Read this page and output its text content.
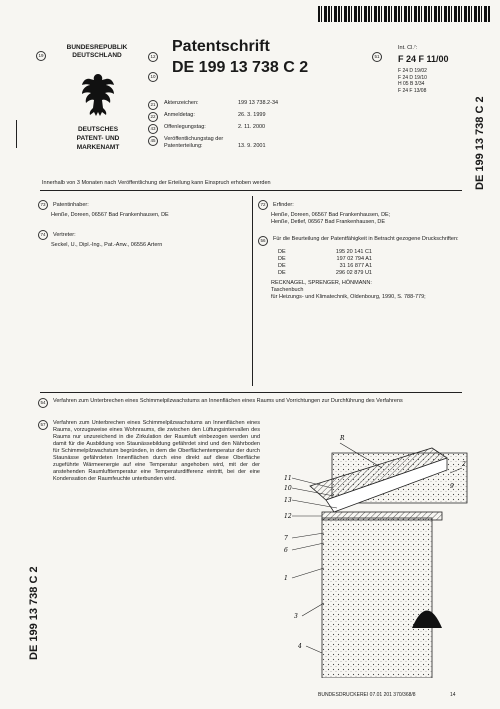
19
BUNDESREPUBLIK
DEUTSCHLAND
DEUTSCHES
PATENT- UND
MARKENAMT
12
Patentschrift
10
DE 199 13 738 C 2
51
Int. Cl.⁷:
F 24 F 11/00
F 24 D 19/02
F 24 D 19/10
H 05 B 3/34
F 24 F 13/08
DE 199 13 738 C 2
21	Aktenzeichen:	199 13 738.2-34
22	Anmeldetag:	26. 3. 1999
43	Offenlegungstag:	2. 11. 2000
45	Veröffentlichungstag der Patenterteilung:	13. 9. 2001
Innerhalb von 3 Monaten nach Veröffentlichung der Erteilung kann Einspruch erhoben werden
73 Patentinhaber:
Henße, Doreen, 06567 Bad Frankenhausen, DE
74 Vertreter:
Seckel, U., Dipl.-Ing., Pat.-Anw., 06556 Artern
72 Erfinder:
Henße, Doreen, 06567 Bad Frankenhausen, DE;
Henße, Detlef, 06567 Bad Frankenhausen, DE
56	Für die Beurteilung der Patentfähigkeit in Betracht gezogene Druckschriften:
DE	195 20 141 C1
DE	197 02 794 A1
DE	31 16 877 A1
DE	296 02 879 U1
RECKNAGEL, SPRENGER, HÖNMANN:
Taschenbuch
für Heizungs- und Klimatechnik, Oldenbourg, 1990, S. 788-779;
54	Verfahren zum Unterbrechen eines Schimmelpilzwachstums an Innenflächen eines Raums und Vorrichtungen zur Durchführung des Verfahrens
57	Verfahren zum Unterbrechen eines Schimmelpilzwachstums an Innenflächen eines Raums, vorzugsweise eines Wohnraums, die zwischen den Lüftungsintervallen des Raums nur unzureichend in die Zirkulation der Raumluft einbezogen werden und damit für die Ausbildung von Staunässebildung gefährdet sind und den Nährboden für Schimmelpilzwachstum begründen, in dem die Oberflächentemperatur der durch Staunässe gefährdeten Innenflächen durch eine direkt auf diese Oberfläche zugeführte Wärmeenergie auf eine Temperatur angehoben wird, mit der der anstehenden Raumlufttemperatur eine Temperaturdifferenz eintritt, bei der eine Kondensation der Raumfeuchte unterbunden wird.
DE 199 13 738 C 2
R
11
10
13
12
7
6
1
3
4
2
9
BUNDESDRUCKEREI 07.01 201 370/368/8	14
